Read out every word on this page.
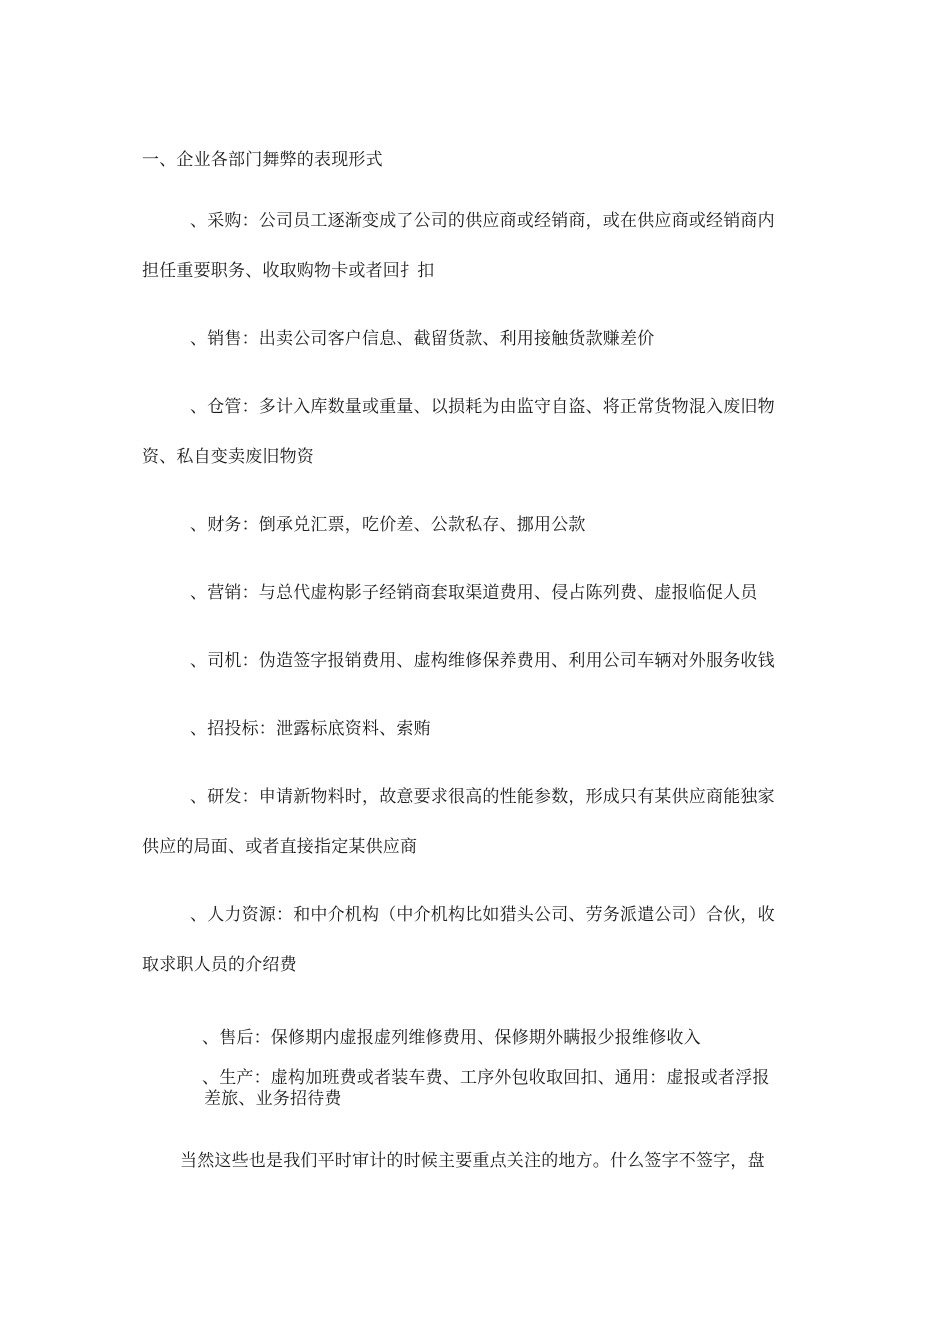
一、企业各部门舞弊的表现形式
、采购：公司员工逐渐变成了公司的供应商或经销商，或在供应商或经销商内
担任重要职务、收取购物卡或者回扌扣
、销售：出卖公司客户信息、截留货款、利用接触货款赚差价
、仓管：多计入库数量或重量、以损耗为由监守自盗、将正常货物混入废旧物
资、私自变卖废旧物资
、财务：倒承兑汇票，吃价差、公款私存、挪用公款
、营销：与总代虚构影子经销商套取渠道费用、侵占陈列费、虚报临促人员
、司机：伪造签字报销费用、虚构维修保养费用、利用公司车辆对外服务收钱
、招投标：泄露标底资料、索贿
、研发：申请新物料时，故意要求很高的性能参数，形成只有某供应商能独家
供应的局面、或者直接指定某供应商
、人力资源：和中介机构（中介机构比如猎头公司、劳务派遣公司）合伙，收
取求职人员的介绍费
、售后：保修期内虚报虚列维修费用、保修期外瞒报少报维修收入
、生产：虚构加班费或者装车费、工序外包收取回扣、通用：虚报或者浮报
差旅、业务招待费
当然这些也是我们平时审计的时候主要重点关注的地方。什么签字不签字，盘
